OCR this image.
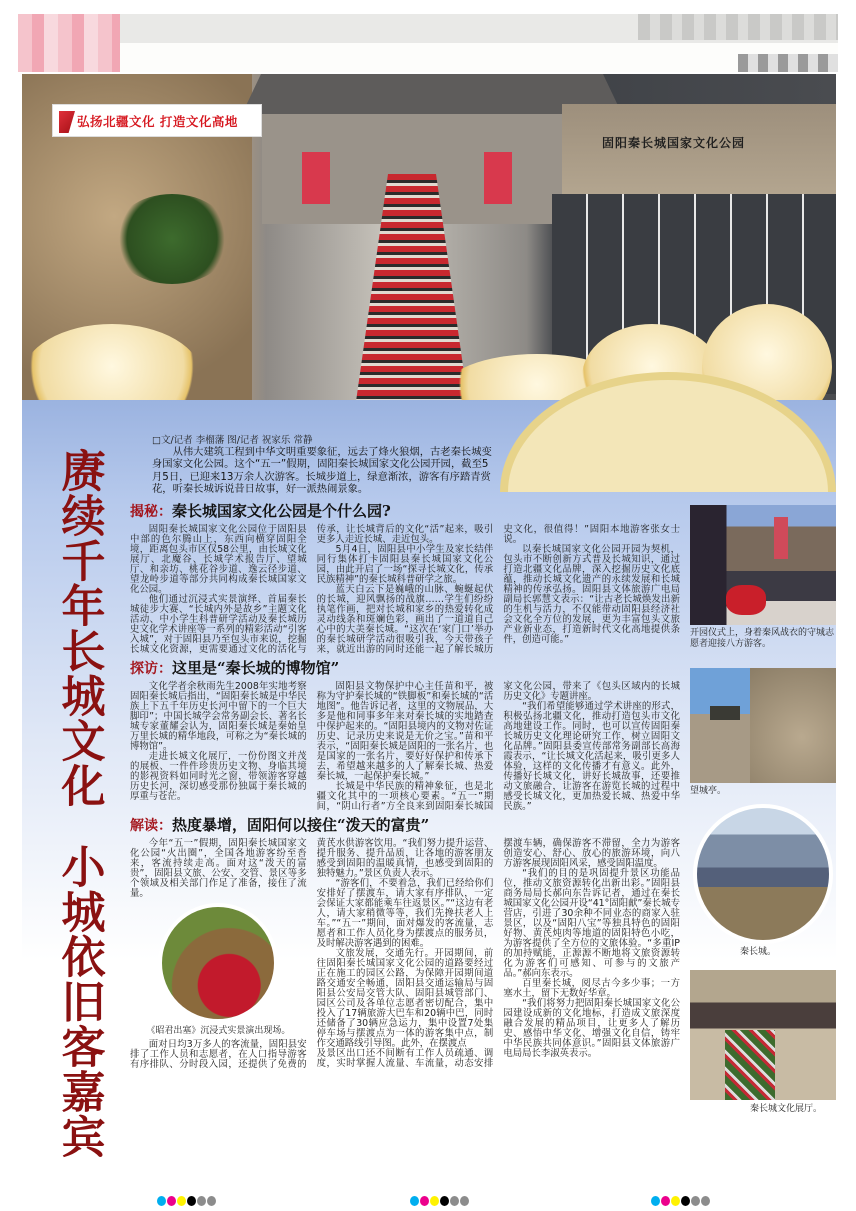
固阳秦长城国家文化公园
弘扬北疆文化 打造文化高地
赓续千年长城文化
小城依旧客嘉宾
□文/记者 李榴藩 图/记者 祝家乐 常静
从伟大建筑工程到中华文明重要象征，远去了烽火狼烟，古老秦长城变身国家文化公园。这个“五一”假期，固阳秦长城国家文化公园开园，截至5月5日，已迎来13万余人次游客。长城步道上，绿意渐浓，游客有序踏青赏花，听秦长城诉说昔日故事，好一派热闹景象。
揭秘：秦长城国家文化公园是个什么园?

固阳秦长城国家文化公园位于固阳县中部的色尔腾山上，东西向横穿固阳全境，距离包头市区仅58公里，由长城文化展厅、北魔谷、长城学术报告厅、望城厅、和亲坊、桃花谷步道、逸云径步道、望龙岭步道等部分共同构成秦长城国家文化公园。

他们通过沉浸式实景演绎、首届秦长城徒步大赛、“长城内外是故乡”主题文化活动、中小学生科普研学活动及秦长城历史文化学术讲座等一系列的精彩活动“引客入城”，对于固阳县乃至包头市来说，挖掘长城文化资源，更需要通过文化的活化与传承，让长城背后的文化“活”起来，吸引更多人走近长城、走近包头。

5月4日，固阳县中小学生及家长结伴同行集体打卡固阳县秦长城国家文化公园，由此开启了一场“探寻长城文化，传承民族精神”的秦长城科普研学之旅。

蓝天白云下是巍峨的山脉、蜿蜒起伏的长城，迎风飘扬的战旗……学生们纷纷执笔作画，把对长城和家乡的热爱转化成灵动线条和斑斓色彩，画出了一道道自己心中的大美秦长城。“这次在‘家门口’举办的秦长城研学活动很吸引我，今天带孩子来，就近出游的同时还能一起了解长城历史文化，很值得！”固阳本地游客张女士说。

以秦长城国家文化公园开园为契机，包头市不断创新方式普及长城知识，通过打造北疆文化品牌，深入挖掘历史文化底蕴，推动长城文化遗产的永续发展和长城精神的传承弘扬。固阳县文体旅游广电局副局长郭慧文表示：“让古老长城焕发出新的生机与活力，不仅能带动固阳县经济社会文化全方位的发展，更为丰富包头文旅产业新业态，打造新时代文化高地提供条件，创造可能。”

探访：这里是“秦长城的博物馆”

文化学者余秋雨先生2008年实地考察固阳秦长城后指出，“固阳秦长城是中华民族上下五千年历史长河中留下的一个巨大脚印”；中国长城学会常务副会长、著名长城专家董耀会认为，固阳秦长城是秦始皇万里长城的精华地段，可称之为“秦长城的博物馆”。

走进长城文化展厅，一份份图文并茂的展板、一件件珍贵历史文物、身临其境的影视资料如同时光之窗，带领游客穿越历史长河，深切感受那份独属于秦长城的厚重与苍茫。

固阳县文物保护中心主任苗和平，被称为守护秦长城的“铁脚板”和秦长城的“活地图”。他告诉记者，这里的文物展品，大多是他和同事多年来对秦长城的实地踏查中保护起来的。“固阳县境内的文物对佐证历史、记录历史来说是无价之宝。”苗和平表示，“固阳秦长城是固阳的一张名片，也是国家的一张名片，要好好保护和传承下去，希望越来越多的人了解秦长城、热爱秦长城，一起保护秦长城。”

长城是中华民族的精神象征，也是北疆文化其中的一项核心要素。“五一”期间，“阴山行者”方全良来到固阳秦长城国家文化公园，带来了《包头区域内的长城历史文化》专题讲座。

“我们希望能够通过学术讲座的形式，积极弘扬北疆文化，推动打造包头市文化高地建设工作。同时，也可以宣传固阳秦长城历史文化理论研究工作，树立固阳文化品牌。”固阳县委宣传部常务副部长高海霞表示，“让长城文化活起来，吸引更多人体验，这样的文化传播才有意义。此外，传播好长城文化，讲好长城故事，还要推动文旅融合，让游客在游览长城的过程中感受长城文化，更加热爱长城、热爱中华民族。”

解读：热度暴增，固阳何以接住“泼天的富贵”

今年“五一”假期，固阳秦长城国家文化公园“火出圈”，全国各地游客纷至沓来，客流持续走高。面对这“泼天的富贵”，固阳县文旅、公安、交管、景区等多个领域及相关部门作足了准备，接住了流量。

《昭君出塞》沉浸式实景演出现场。

面对日均3万多人的客流量，固阳县安排了工作人员和志愿者，在人口指导游客有序排队、分时段入园，还提供了免费的黄芪水供游客饮用。“我们努力提升运营、提升服务、提升品质，让各地的游客朋友感受到固阳的温暖真情，也感受到固阳的独特魅力。”景区负责人表示。

“游客们，不要着急，我们已经给你们安排好了摆渡车，请大家有序排队，一定会保证大家都能乘车往返景区。”“这边有老人，请大家稍微等等，我们先搀扶老人上车。”“五一”期间，面对爆发的客流量，志愿者和工作人员化身为摆渡点的服务员，及时解决游客遇到的困难。

文旅发展，交通先行。开园期间，前往固阳秦长城国家文化公园的道路要经过正在施工的园区公路，为保障开园期间道路交通安全畅通，固阳县交通运输局与固阳县公安局交管大队、固阳县城管部门、园区公司及各单位志愿者密切配合，集中投入了17辆旅游大巴车和20辆中巴，同时还储备了30辆应急运力，集中设置7处集停车场与摆渡点为一体的游客集中点，制作交通路线引导图。此外，在摆渡点

及景区出口还不间断有工作人员疏通、调度，实时掌握人流量、车流量，动态安排摆渡车辆，确保游客不滞留，全力为游客创造安心、舒心、放心的旅游环境，向八方游客展现固阳风采，感受固阳温度。

“我们的目的是巩固提升景区功能品位，推动文旅资源转化出新出彩。”固阳县商务局局长郝向东告诉记者，通过在秦长城国家文化公园开设“41°固阳献”秦长城专营店，引进了30余种不同业态的商家入驻景区，以及“固阳八宝”等独具特色的固阳好物、黄芪炖肉等地道的固阳特色小吃，为游客提供了全方位的文旅体验。“多重IP的加持赋能，正源源不断地将文旅资源转化为游客们可感知、可参与的文旅产品。”郝向东表示。

百里秦长城，阅尽古今多少事；一方塞水土，留下无数好华章。

“我们将努力把固阳秦长城国家文化公园建设成新的文化地标，打造成文旅深度融合发展的精品项目，让更多人了解历史、感悟中华文化、增强文化自信，铸牢中华民族共同体意识。”固阳县文体旅游广电局局长李淑英表示。

开园仪式上，身着秦风战衣的守城志愿者迎接八方游客。
望城亭。
秦长城。
秦长城文化展厅。
